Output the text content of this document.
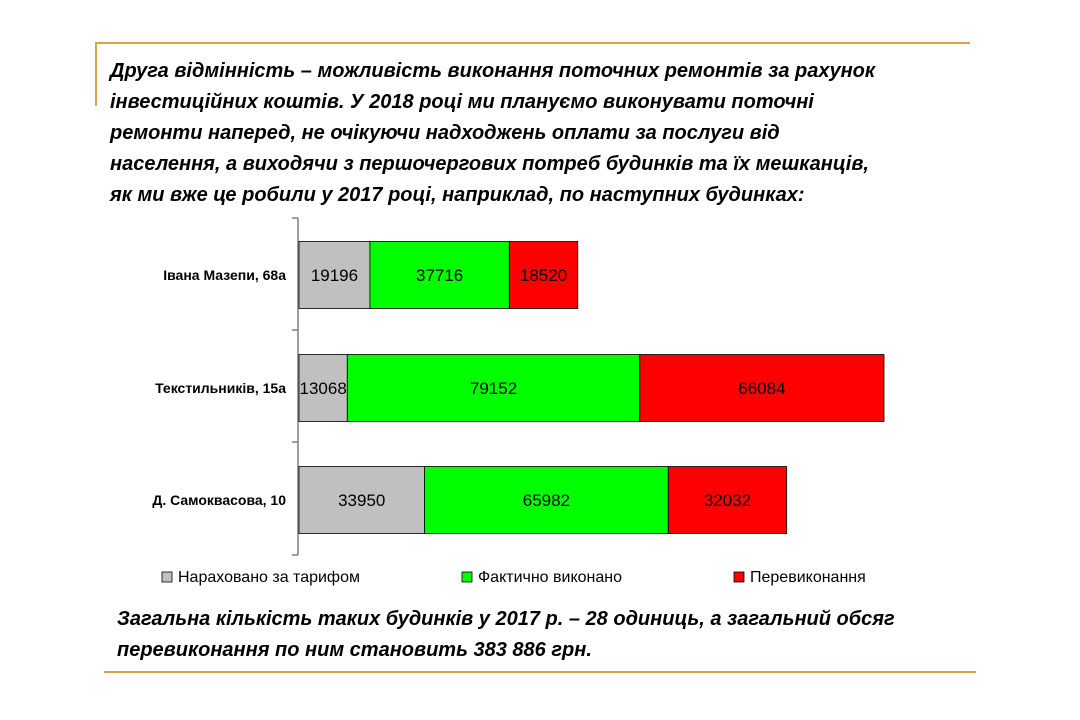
Друга відмінність – можливість виконання поточних ремонтів за рахунок
інвестиційних коштів. У 2018 році ми плануємо виконувати поточні
ремонти наперед, не очікуючи надходжень оплати за послуги від
населення, а виходячи з першочергових потреб будинків та їх мешканців,
як ми вже це робили у 2017 році, наприклад, по наступних будинках:
Івана Мазепи, 68а 19196	37716	18520
Текстильників, 15а 13068	79152	66084
Д. Самоквасова, 10	33950	65982	32032
Нараховано за тарифом	Фактично виконано	Перевиконання
Загальна кількість таких будинків у 2017 р. – 28 одиниць, а загальний обсяг
перевиконання по ним становить 383 886 грн.
